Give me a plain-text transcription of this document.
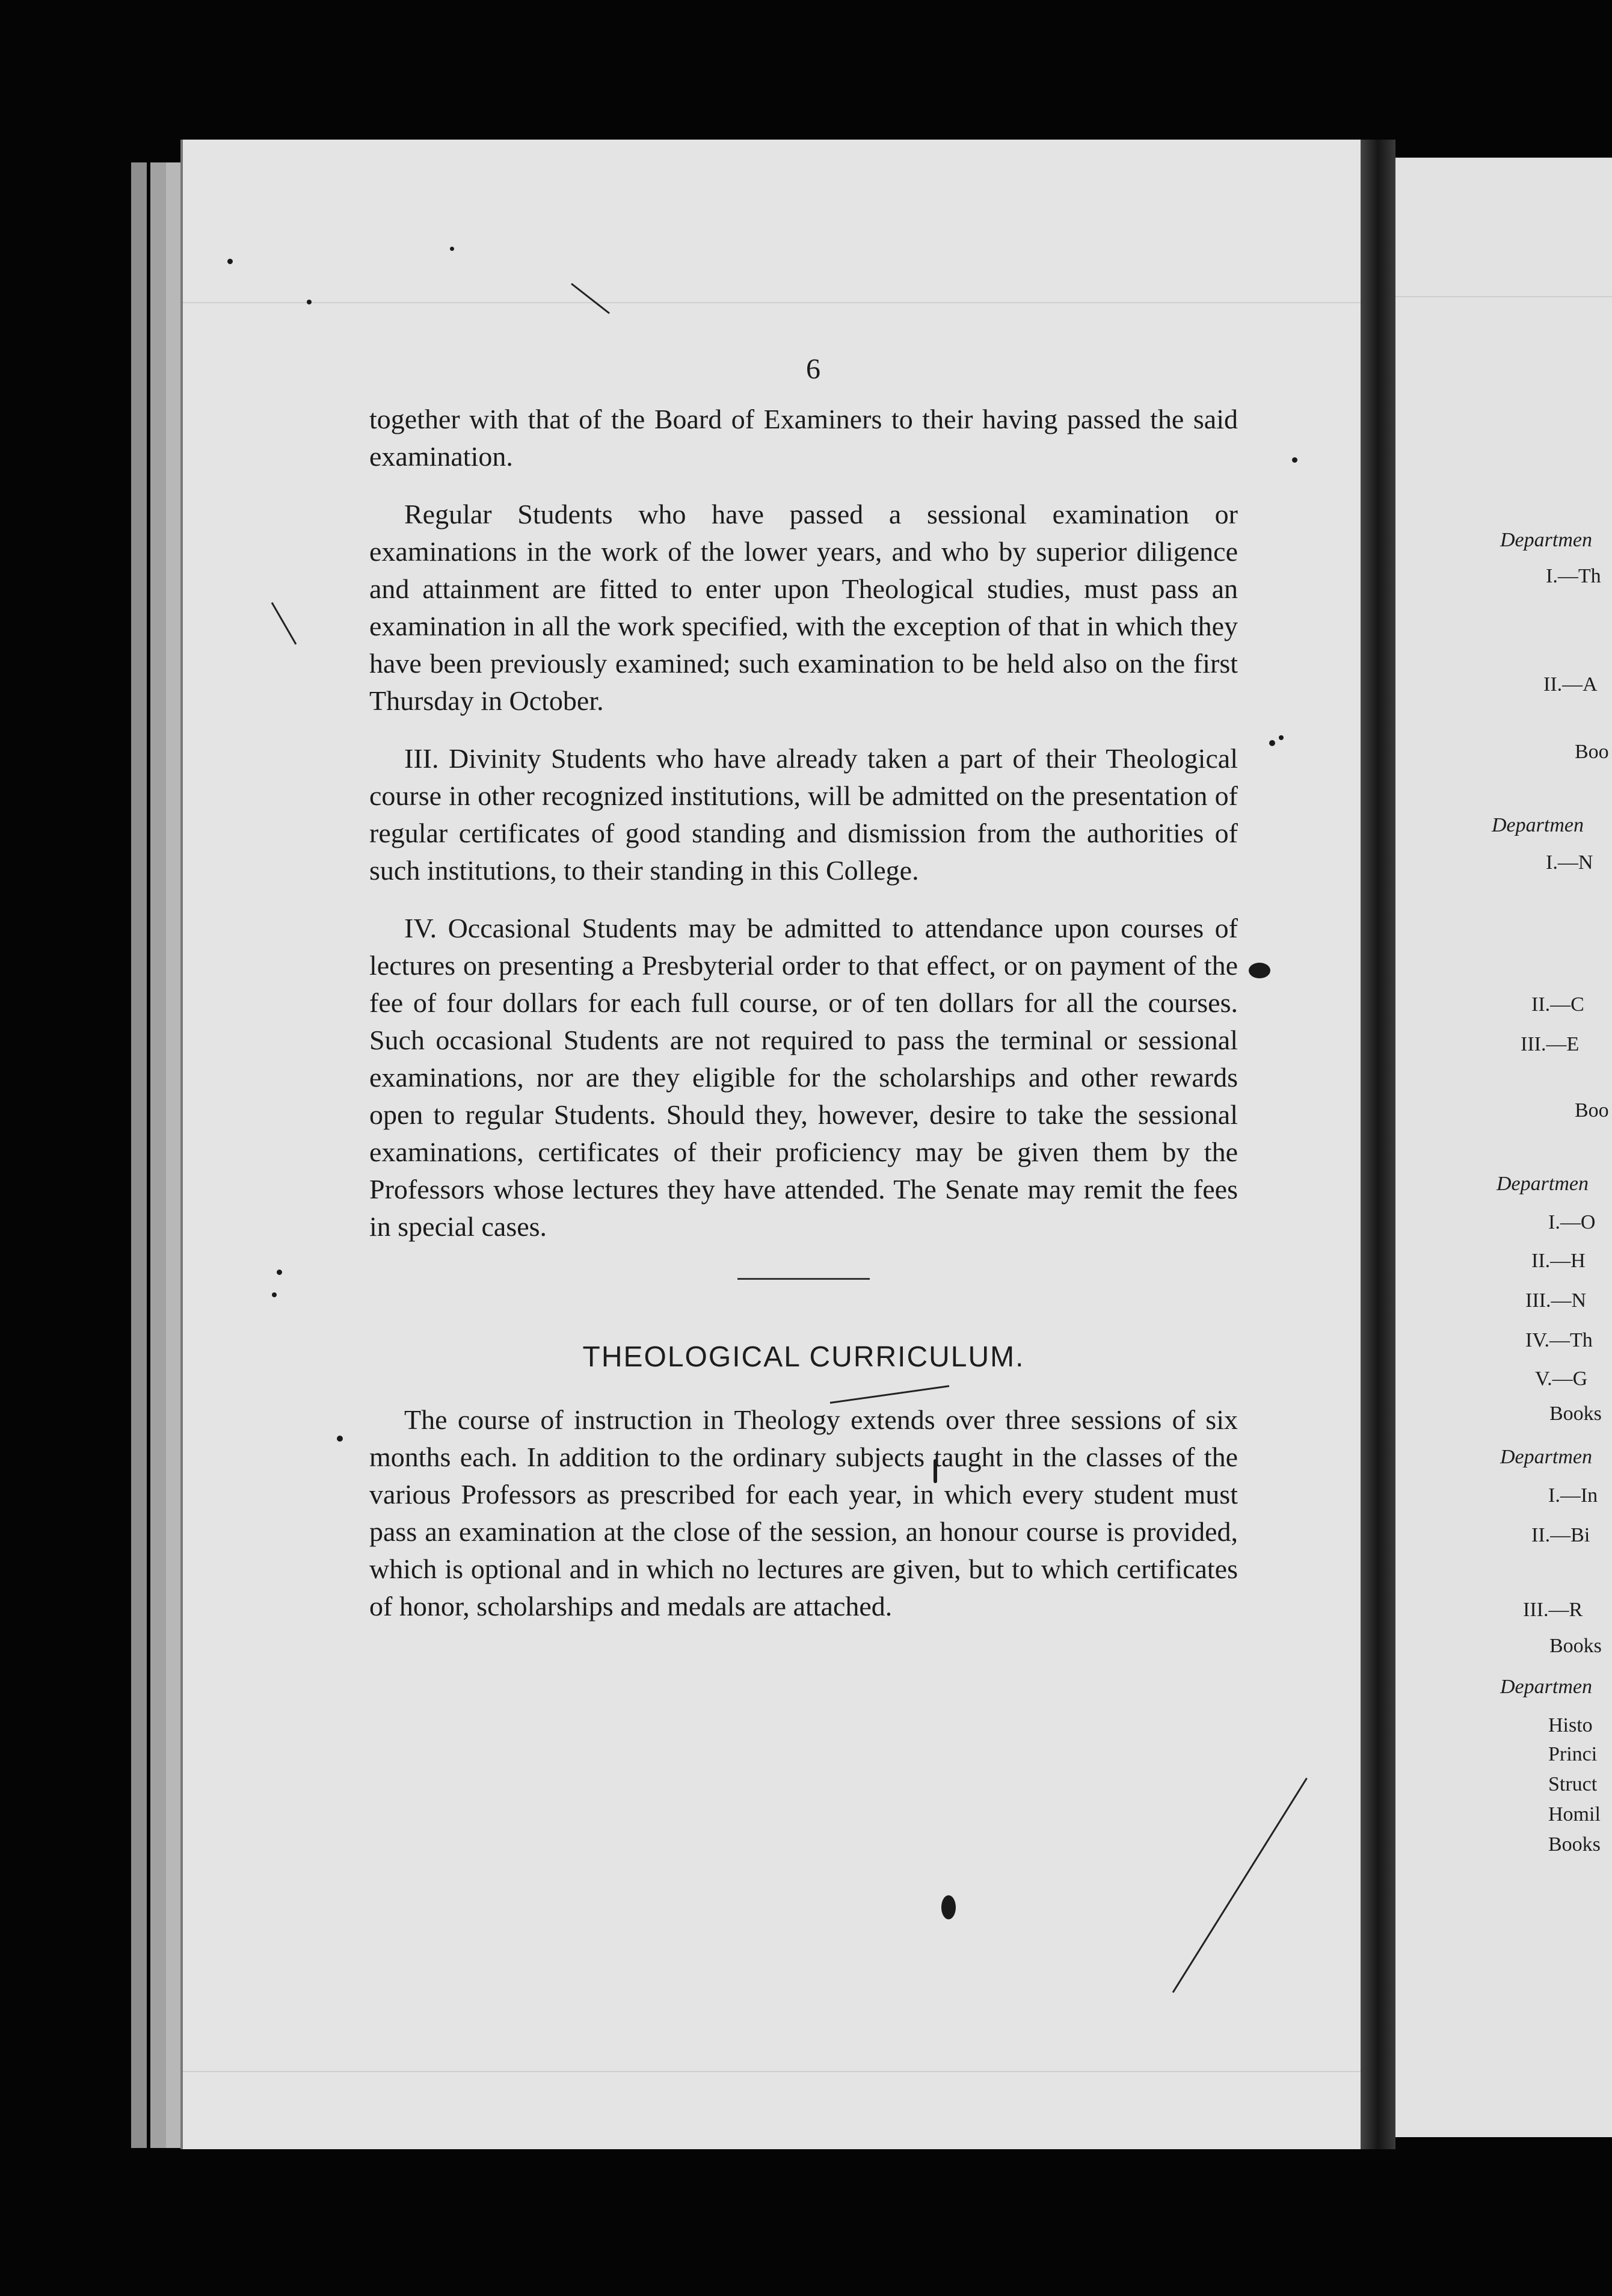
6

together with that of the Board of Examiners to their having passed the said examination.

Regular Students who have passed a sessional examination or examinations in the work of the lower years, and who by superior diligence and attainment are fitted to enter upon Theological studies, must pass an examination in all the work specified, with the exception of that in which they have been previously examined; such examination to be held also on the first Thursday in October.

III. Divinity Students who have already taken a part of their Theological course in other recognized institutions, will be admitted on the presentation of regular certificates of good standing and dismission from the authorities of such institutions, to their standing in this College.

IV. Occasional Students may be admitted to attendance upon courses of lectures on presenting a Presbyterial order to that effect, or on payment of the fee of four dollars for each full course, or of ten dollars for all the courses. Such occasional Students are not required to pass the terminal or sessional examinations, nor are they eligible for the scholarships and other rewards open to regular Students. Should they, however, desire to take the sessional examinations, certificates of their proficiency may be given them by the Professors whose lectures they have attended. The Senate may remit the fees in special cases.

THEOLOGICAL CURRICULUM.

The course of instruction in Theology extends over three sessions of six months each. In addition to the ordinary subjects taught in the classes of the various Professors as prescribed for each year, in which every student must pass an examination at the close of the session, an honour course is provided, which is optional and in which no lectures are given, but to which certificates of honor, scholarships and medals are attached.

Departmen
I.—Th
II.—A
Boo
Departmen
I.—N
II.—C
III.—E
Boo
Departmen
I.—O
II.—H
III.—N
IV.—Th
V.—G
Books
Departmen
I.—In
II.—Bi
III.—R
Books
Departmen
Histo
Princi
Struct
Homil
Books
